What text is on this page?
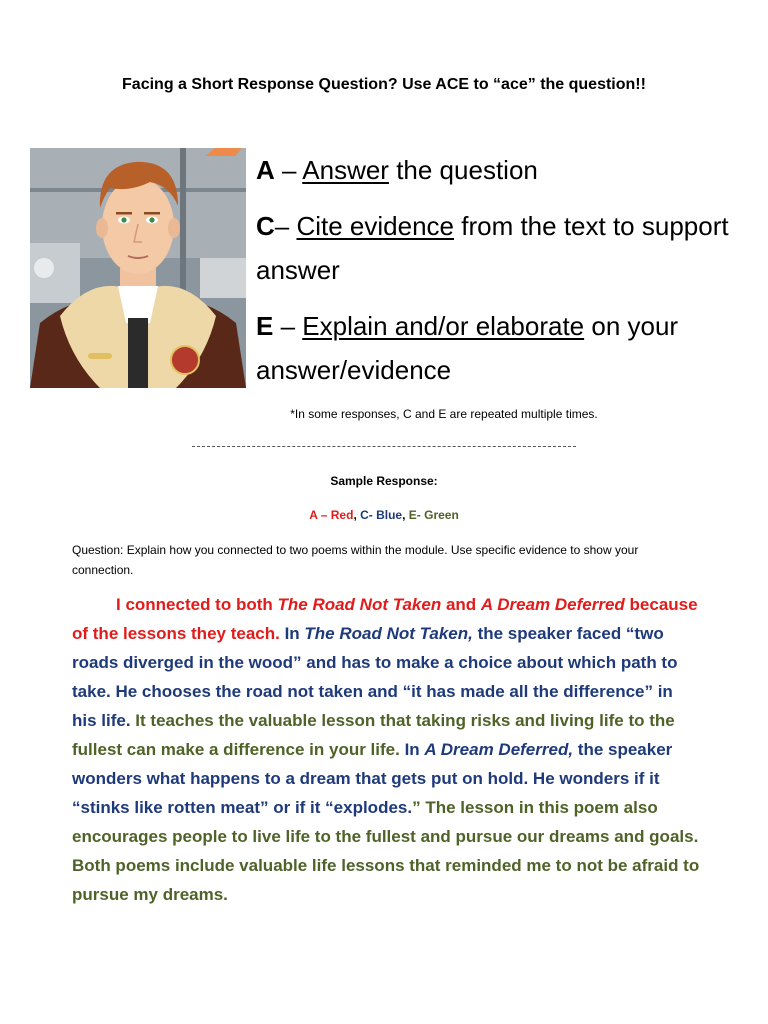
Facing a Short Response Question? Use ACE to “ace” the question!!

A – Answer the question

C– Cite evidence from the text to support answer

E – Explain and/or elaborate on your answer/evidence

*In some responses, C and E are repeated multiple times.
Sample Response:
A – Red, C- Blue, E- Green
Question: Explain how you connected to two poems within the module. Use specific evidence to show your connection.
I connected to both The Road Not Taken and A Dream Deferred because of the lessons they teach. In The Road Not Taken, the speaker faced “two roads diverged in the wood” and has to make a choice about which path to take. He chooses the road not taken and “it has made all the difference” in his life. It teaches the valuable lesson that taking risks and living life to the fullest can make a difference in your life. In A Dream Deferred, the speaker wonders what happens to a dream that gets put on hold. He wonders if it “stinks like rotten meat” or if it “explodes.” The lesson in this poem also encourages people to live life to the fullest and pursue our dreams and goals. Both poems include valuable life lessons that reminded me to not be afraid to pursue my dreams.
